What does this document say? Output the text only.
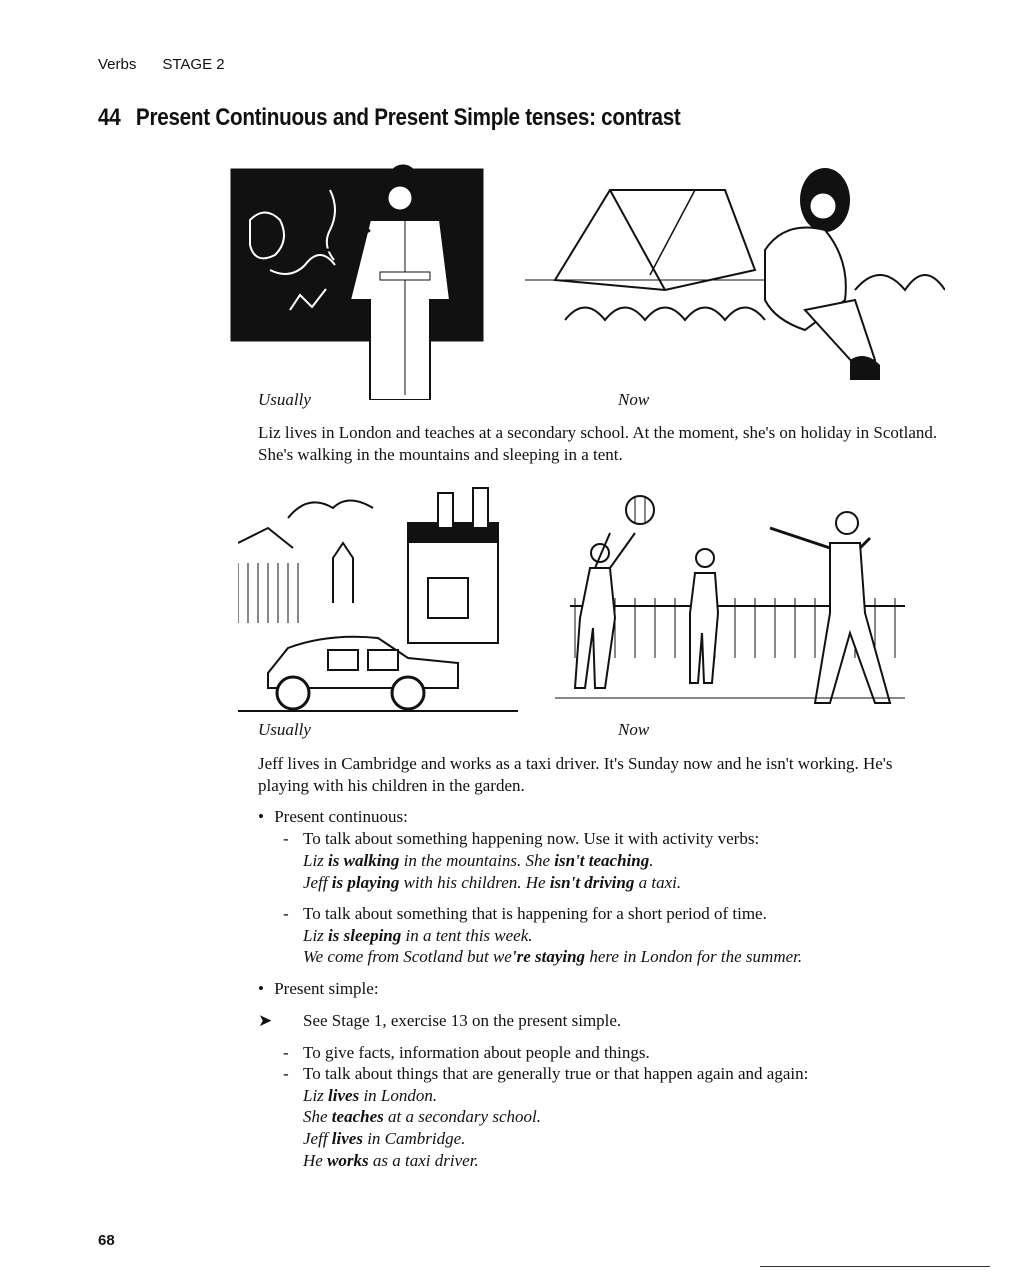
Verbs STAGE 2
44 Present Continuous and Present Simple tenses: contrast
Usually	Now
Liz lives in London and teaches at a secondary school. At the moment, she's on holiday in Scotland. She's walking in the mountains and sleeping in a tent.
Usually	Now
Jeff lives in Cambridge and works as a taxi driver. It's Sunday now and he isn't working. He's playing with his children in the garden.
• Present continuous:
- To talk about something happening now. Use it with activity verbs:
Liz is walking in the mountains. She isn't teaching.
Jeff is playing with his children. He isn't driving a taxi.
- To talk about something that is happening for a short period of time.
Liz is sleeping in a tent this week.
We come from Scotland but we're staying here in London for the summer.
• Present simple:
➤ See Stage 1, exercise 13 on the present simple.
- To give facts, information about people and things.
- To talk about things that are generally true or that happen again and again:
Liz lives in London.
She teaches at a secondary school.
Jeff lives in Cambridge.
He works as a taxi driver.
68
